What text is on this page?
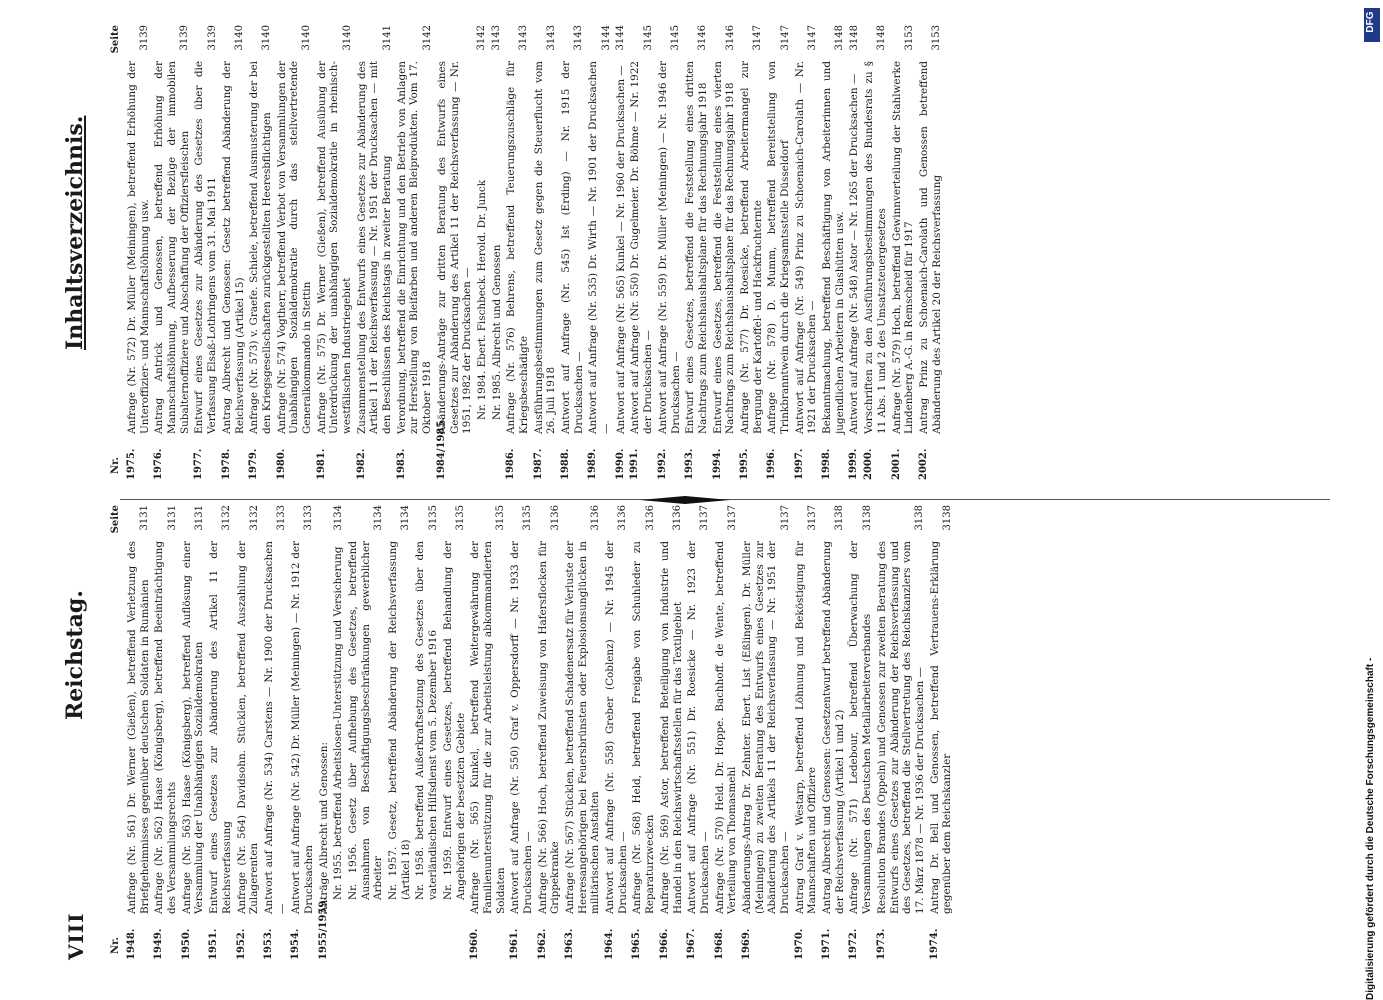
VIII
Reichstag.
Inhaltsverzeichnis.
Nr.
Seite
1948.
Anfrage (Nr. 561) Dr. Werner (Gießen), betreffend Verletzung des Briefgeheimnisses gegenüber deutschen Soldaten in Rumänien
3131
1949.
Anfrage (Nr. 562) Haase (Königsberg), betreffend Beeinträchtigung des Versammlungsrechts
3131
1950.
Anfrage (Nr. 563) Haase (Königsberg), betreffend Auflösung einer Versammlung der Unabhängigen Sozialdemokraten
3131
1951.
Entwurf eines Gesetzes zur Abänderung des Artikel 11 der Reichsverfassung
3132
1952.
Anfrage (Nr. 564) Davidsohn. Stücklen, betreffend Auszahlung der Zulagerenten
3132
1953.
Antwort auf Anfrage (Nr. 534) Carstens — Nr. 1900 der Drucksachen —
3133
1954.
Antwort auf Anfrage (Nr. 542) Dr. Müller (Meiningen) — Nr. 1912 der Drucksachen
3133
1955/1959.
Anträge Albrecht und Genossen: Nr. 1955. betreffend Arbeitslosen-Unterstützung und Versicherung
3134
Nr. 1956. Gesetz über Aufhebung des Gesetzes, betreffend Ausnahmen von Beschäftigungsbeschränkungen gewerblicher Arbeiter
3134
Nr. 1957. Gesetz, betreffend Abänderung der Reichsverfassung (Artikel 18)
3134
Nr. 1958. betreffend Außerkraftsetzung des Gesetzes über den vaterländischen Hilfsdienst vom 5. Dezember 1916
3135
Nr. 1959. Entwurf eines Gesetzes, betreffend Behandlung der Angehörigen der besetzten Gebiete
3135
1960.
Anfrage (Nr. 565) Kunkel, betreffend Weitergewährung der Familienunterstützung für die zur Arbeitsleistung abkommandierten Soldaten
3135
1961.
Antwort auf Anfrage (Nr. 550) Graf v. Oppersdorff — Nr. 1933 der Drucksachen —
3135
1962.
Anfrage (Nr. 566) Hoch, betreffend Zuweisung von Hafersflocken für Grippekranke
3136
1963.
Anfrage (Nr. 567) Stücklen, betreffend Schadenersatz für Verluste der Heeresangehörigen bei Feuersbrünsten oder Explosionsunglücken in militärischen Anstalten
3136
1964.
Antwort auf Anfrage (Nr. 558) Greber (Coblenz) — Nr. 1945 der Drucksachen —
3136
1965.
Anfrage (Nr. 568) Held, betreffend Freigabe von Schuhleder zu Reparaturzwecken
3136
1966.
Anfrage (Nr. 569) Astor, betreffend Beteiligung von Industrie und Handel in den Reichswirtschaftsstellen für das Textilgebiet
3136
1967.
Antwort auf Anfrage (Nr. 551) Dr. Roesicke — Nr. 1923 der Drucksachen —
3137
1968.
Anfrage (Nr. 570) Held. Dr. Hoppe. Bachhoff. de Wente, betreffend Verteilung von Thomasmehl
3137
1969.
Abänderungs-Antrag Dr. Zehnter. Ebert. List (Eßlingen). Dr. Müller (Meiningen) zu zweiten Beratung des Entwurfs eines Gesetzes zur Abänderung des Artikels 11 der Reichsverfassung — Nr. 1951 der Drucksachen —
3137
1970.
Antrag Graf v. Westarp, betreffend Löhnung und Beköstigung für Mannschaften und Offiziere
3137
1971.
Antrag Albrecht und Genossen: Gesetzentwurf betreffend Abänderung der Reichsverfassung (Artikel 1 und 2)
3138
1972.
Anfrage (Nr. 571) Ledebour, betreffend Überwachung der Versammlungen des Deutschen Metallarbeiterverbandes
3138
1973.
Resolution Brandes (Oppeln) und Genossen zur zweiten Beratung des Entwurfs eines Gesetzes zur Abänderung der Reichsverfassung und des Gesetzes, betreffend die Stellvertretung des Reichskanzlers vom 17. März 1878 — Nr. 1936 der Drucksachen —
3138
1974.
Antrag Dr. Bell und Genossen, betreffend Vertrauens-Erklärung gegenüber dem Reichskanzler
3138
Nr.
Seite
1975.
Anfrage (Nr. 572) Dr. Müller (Meiningen), betreffend Erhöhung der Unteroffizier- und Mannschaftslöhnung usw.
3139
1976.
Antrag Antrick und Genossen, betreffend Erhöhung der Mannschaftslöhnung, Aufbesserung der Bezüge der immobilen Subalternoffiziere und Abschaffung der Offiziersfleischen
3139
1977.
Entwurf eines Gesetzes zur Abänderung des Gesetzes über die Verfassung Elsaß-Lothringens vom 31. Mai 1911
3139
1978.
Antrag Albrecht und Genossen: Gesetz betreffend Abänderung der Reichsverfassung (Artikel 15)
3140
1979.
Anfrage (Nr. 573) v. Graefe. Schiele, betreffend Ausmusterung der bei den Kriegsgesellschaften zurückgestellten Heeresbflichtigen
3140
1980.
Anfrage (Nr. 574) Vogtherr, betreffend Verbot von Versammlungen der Unabhängigen Sozialdemokratie durch das stellvertretende Generalkommando in Stettin
3140
1981.
Anfrage (Nr. 575) Dr. Werner (Gießen), betreffend Ausübung der Unterdrückung der unabhängigen Sozialdemokratie in rheinisch-westfälischen Industriegebiet
3140
1982.
Zusammenstellung des Entwurfs eines Gesetzes zur Abänderung des Artikel 11 der Reichsverfassung — Nr. 1951 der Drucksachen — mit den Beschlüssen des Reichstags in zweiter Beratung
3141
1983.
Verordnung, betreffend die Einrichtung und den Betrieb von Anlagen zur Herstellung von Bleifarben und anderen Bleiprodukten. Vom 17. Oktober 1918
3142
1984/1985.
Abänderungs-Anträge zur dritten Beratung des Entwurfs eines Gesetzes zur Abänderung des Artikel 11 der Reichsverfassung — Nr. 1951, 1982 der Drucksachen — Nr. 1984. Ebert. Fischbeck. Herold. Dr. Junck
3142
Nr. 1985. Albrecht und Genossen
3143
1986.
Anfrage (Nr. 576) Behrens, betreffend Teuerungszuschläge für Kriegsbeschädigte
3143
1987.
Ausführungsbestimmungen zum Gesetz gegen die Steuerflucht vom 26. Juli 1918
3143
1988.
Antwort auf Anfrage (Nr. 545) Ist (Erding) — Nr. 1915 der Drucksachen —
3143
1989.
Antwort auf Anfrage (Nr. 535) Dr. Wirth — Nr. 1901 der Drucksachen —
3144
1990.
Antwort auf Anfrage (Nr. 565) Kunkel — Nr. 1960 der Drucksachen —
3144
1991.
Antwort auf Anfrage (Nr. 550) Dr. Gugelmeier. Dr. Böhme — Nr. 1922 der Drucksachen —
3145
1992.
Antwort auf Anfrage (Nr. 559) Dr. Müller (Meiningen) — Nr. 1946 der Drucksachen —
3145
1993.
Entwurf eines Gesetzes, betreffend die Feststellung eines dritten Nachtrags zum Reichshaushaltsplane für das Rechnungsjahr 1918
3146
1994.
Entwurf eines Gesetzes, betreffend die Feststellung eines vierten Nachtrags zum Reichshaushaltsplane für das Rechnungsjahr 1918
3146
1995.
Anfrage (Nr. 577) Dr. Roesicke, betreffend Arbeitermangel zur Bergung der Kartoffel- und Hackfruchternte
3147
1996.
Anfrage (Nr. 578) D. Mumm, betreffend Bereitstellung von Trinkbranntwein durch die Kriegsamtsstelle Düsseldorf
3147
1997.
Antwort auf Anfrage (Nr. 549) Prinz zu Schoenaich-Carolath — Nr. 1921 der Drucksachen —
3147
1998.
Bekanntmachung, betreffend Beschäftigung von Arbeiterinnen und jugendlichen Arbeitern in Glashütten usw.
3148
1999.
Antwort auf Anfrage (Nr. 548) Astor — Nr. 1265 der Drucksachen —
3148
2000.
Vorschriften zu den Ausführungsbestimmungen des Bundesrats zu § 11 Abs. 1 und 2 des Umsatzsteuergesetzes
3148
2001.
Anfrage (Nr. 579) Hoch, betreffend Gewinnverteilung der Stahlwerke Lindenberg A.-G. in Remscheid für 1917
3153
2002.
Antrag Prinz zu Schoenaich-Carolath und Genossen betreffend Abänderung des Artikel 20 der Reichsverfassung
3153
Digitalisierung gefördert durch die Deutsche Forschungsgemeinschaft -
DFG
